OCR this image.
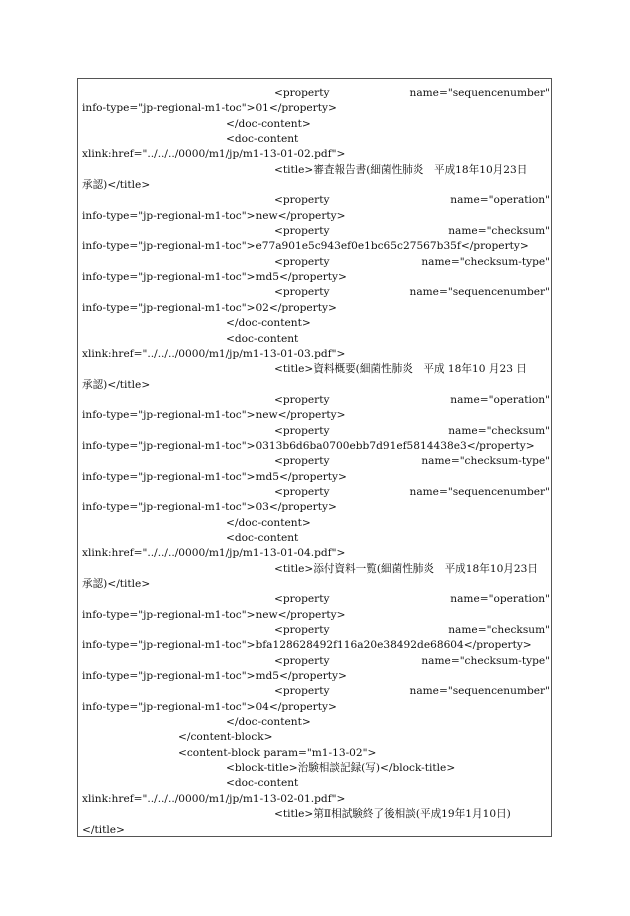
<property	name="sequencenumber"
info-type="jp-regional-m1-toc">01</property>
</doc-content>
<doc-content
xlink:href="../../../0000/m1/jp/m1-13-01-02.pdf">
<title>審査報告書(細菌性肺炎　平成18年10月23日
承認)</title>
<property	name="operation"
info-type="jp-regional-m1-toc">new</property>
<property	name="checksum"
info-type="jp-regional-m1-toc">e77a901e5c943ef0e1bc65c27567b35f</property>
<property	name="checksum-type"
info-type="jp-regional-m1-toc">md5</property>
<property	name="sequencenumber"
info-type="jp-regional-m1-toc">02</property>
</doc-content>
<doc-content
xlink:href="../../../0000/m1/jp/m1-13-01-03.pdf">
<title>資料概要(細菌性肺炎　平成 18年10 月23 日
承認)</title>
<property	name="operation"
info-type="jp-regional-m1-toc">new</property>
<property	name="checksum"
info-type="jp-regional-m1-toc">0313b6d6ba0700ebb7d91ef5814438e3</property>
<property	name="checksum-type"
info-type="jp-regional-m1-toc">md5</property>
<property	name="sequencenumber"
info-type="jp-regional-m1-toc">03</property>
</doc-content>
<doc-content
xlink:href="../../../0000/m1/jp/m1-13-01-04.pdf">
<title>添付資料一覧(細菌性肺炎　平成18年10月23日
承認)</title>
<property	name="operation"
info-type="jp-regional-m1-toc">new</property>
<property	name="checksum"
info-type="jp-regional-m1-toc">bfa128628492f116a20e38492de68604</property>
<property	name="checksum-type"
info-type="jp-regional-m1-toc">md5</property>
<property	name="sequencenumber"
info-type="jp-regional-m1-toc">04</property>
</doc-content>
</content-block>
<content-block param="m1-13-02">
<block-title>治験相談記録(写)</block-title>
<doc-content
xlink:href="../../../0000/m1/jp/m1-13-02-01.pdf">
<title>第Ⅱ相試験終了後相談(平成19年1月10日)
</title>
